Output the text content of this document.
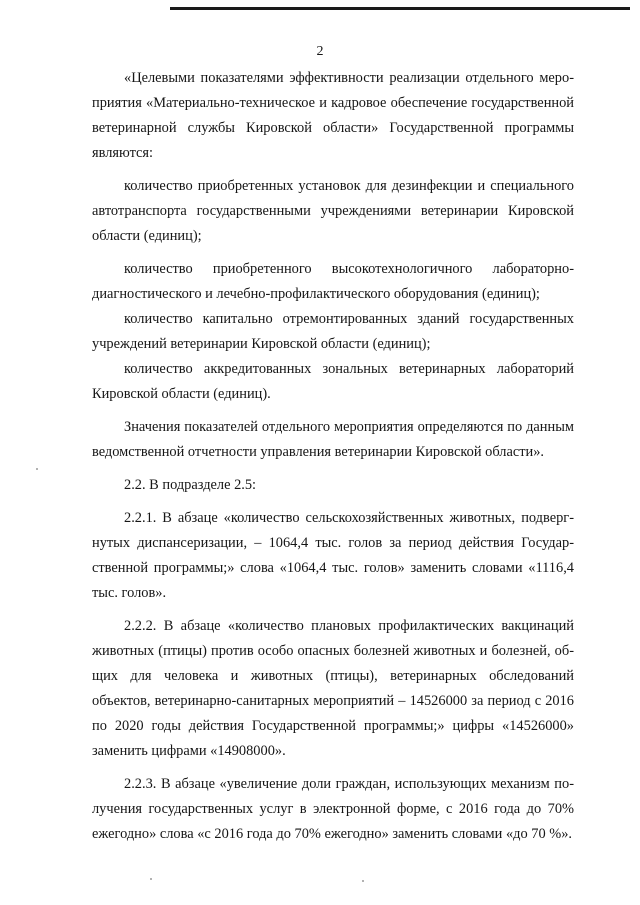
2

«Целевыми показателями эффективности реализации отдельного мероприятия «Материально-техническое и кадровое обеспечение государственной ветеринарной службы Кировской области» Государственной программы являются:

количество приобретенных установок для дезинфекции и специального автотранспорта государственными учреждениями ветеринарии Кировской области (единиц);

количество приобретенного высокотехнологичного лабораторно-диагностического и лечебно-профилактического оборудования (единиц);

количество капитально отремонтированных зданий государственных учреждений ветеринарии Кировской области (единиц);

количество аккредитованных зональных ветеринарных лабораторий Кировской области (единиц).

Значения показателей отдельного мероприятия определяются по данным ведомственной отчетности управления ветеринарии Кировской области».

2.2. В подразделе 2.5:

2.2.1. В абзаце «количество сельскохозяйственных животных, подвергнутых диспансеризации, – 1064,4 тыс. голов за период действия Государственной программы;» слова «1064,4 тыс. голов» заменить словами «1116,4 тыс. голов».

2.2.2. В абзаце «количество плановых профилактических вакцинаций животных (птицы) против особо опасных болезней животных и болезней, общих для человека и животных (птицы), ветеринарных обследований объектов, ветеринарно-санитарных мероприятий – 14526000 за период с 2016 по 2020 годы действия Государственной программы;» цифры «14526000» заменить цифрами «14908000».

2.2.3. В абзаце «увеличение доли граждан, использующих механизм получения государственных услуг в электронной форме, с 2016 года до 70% ежегодно» слова «с 2016 года до 70% ежегодно» заменить словами «до 70 %».
